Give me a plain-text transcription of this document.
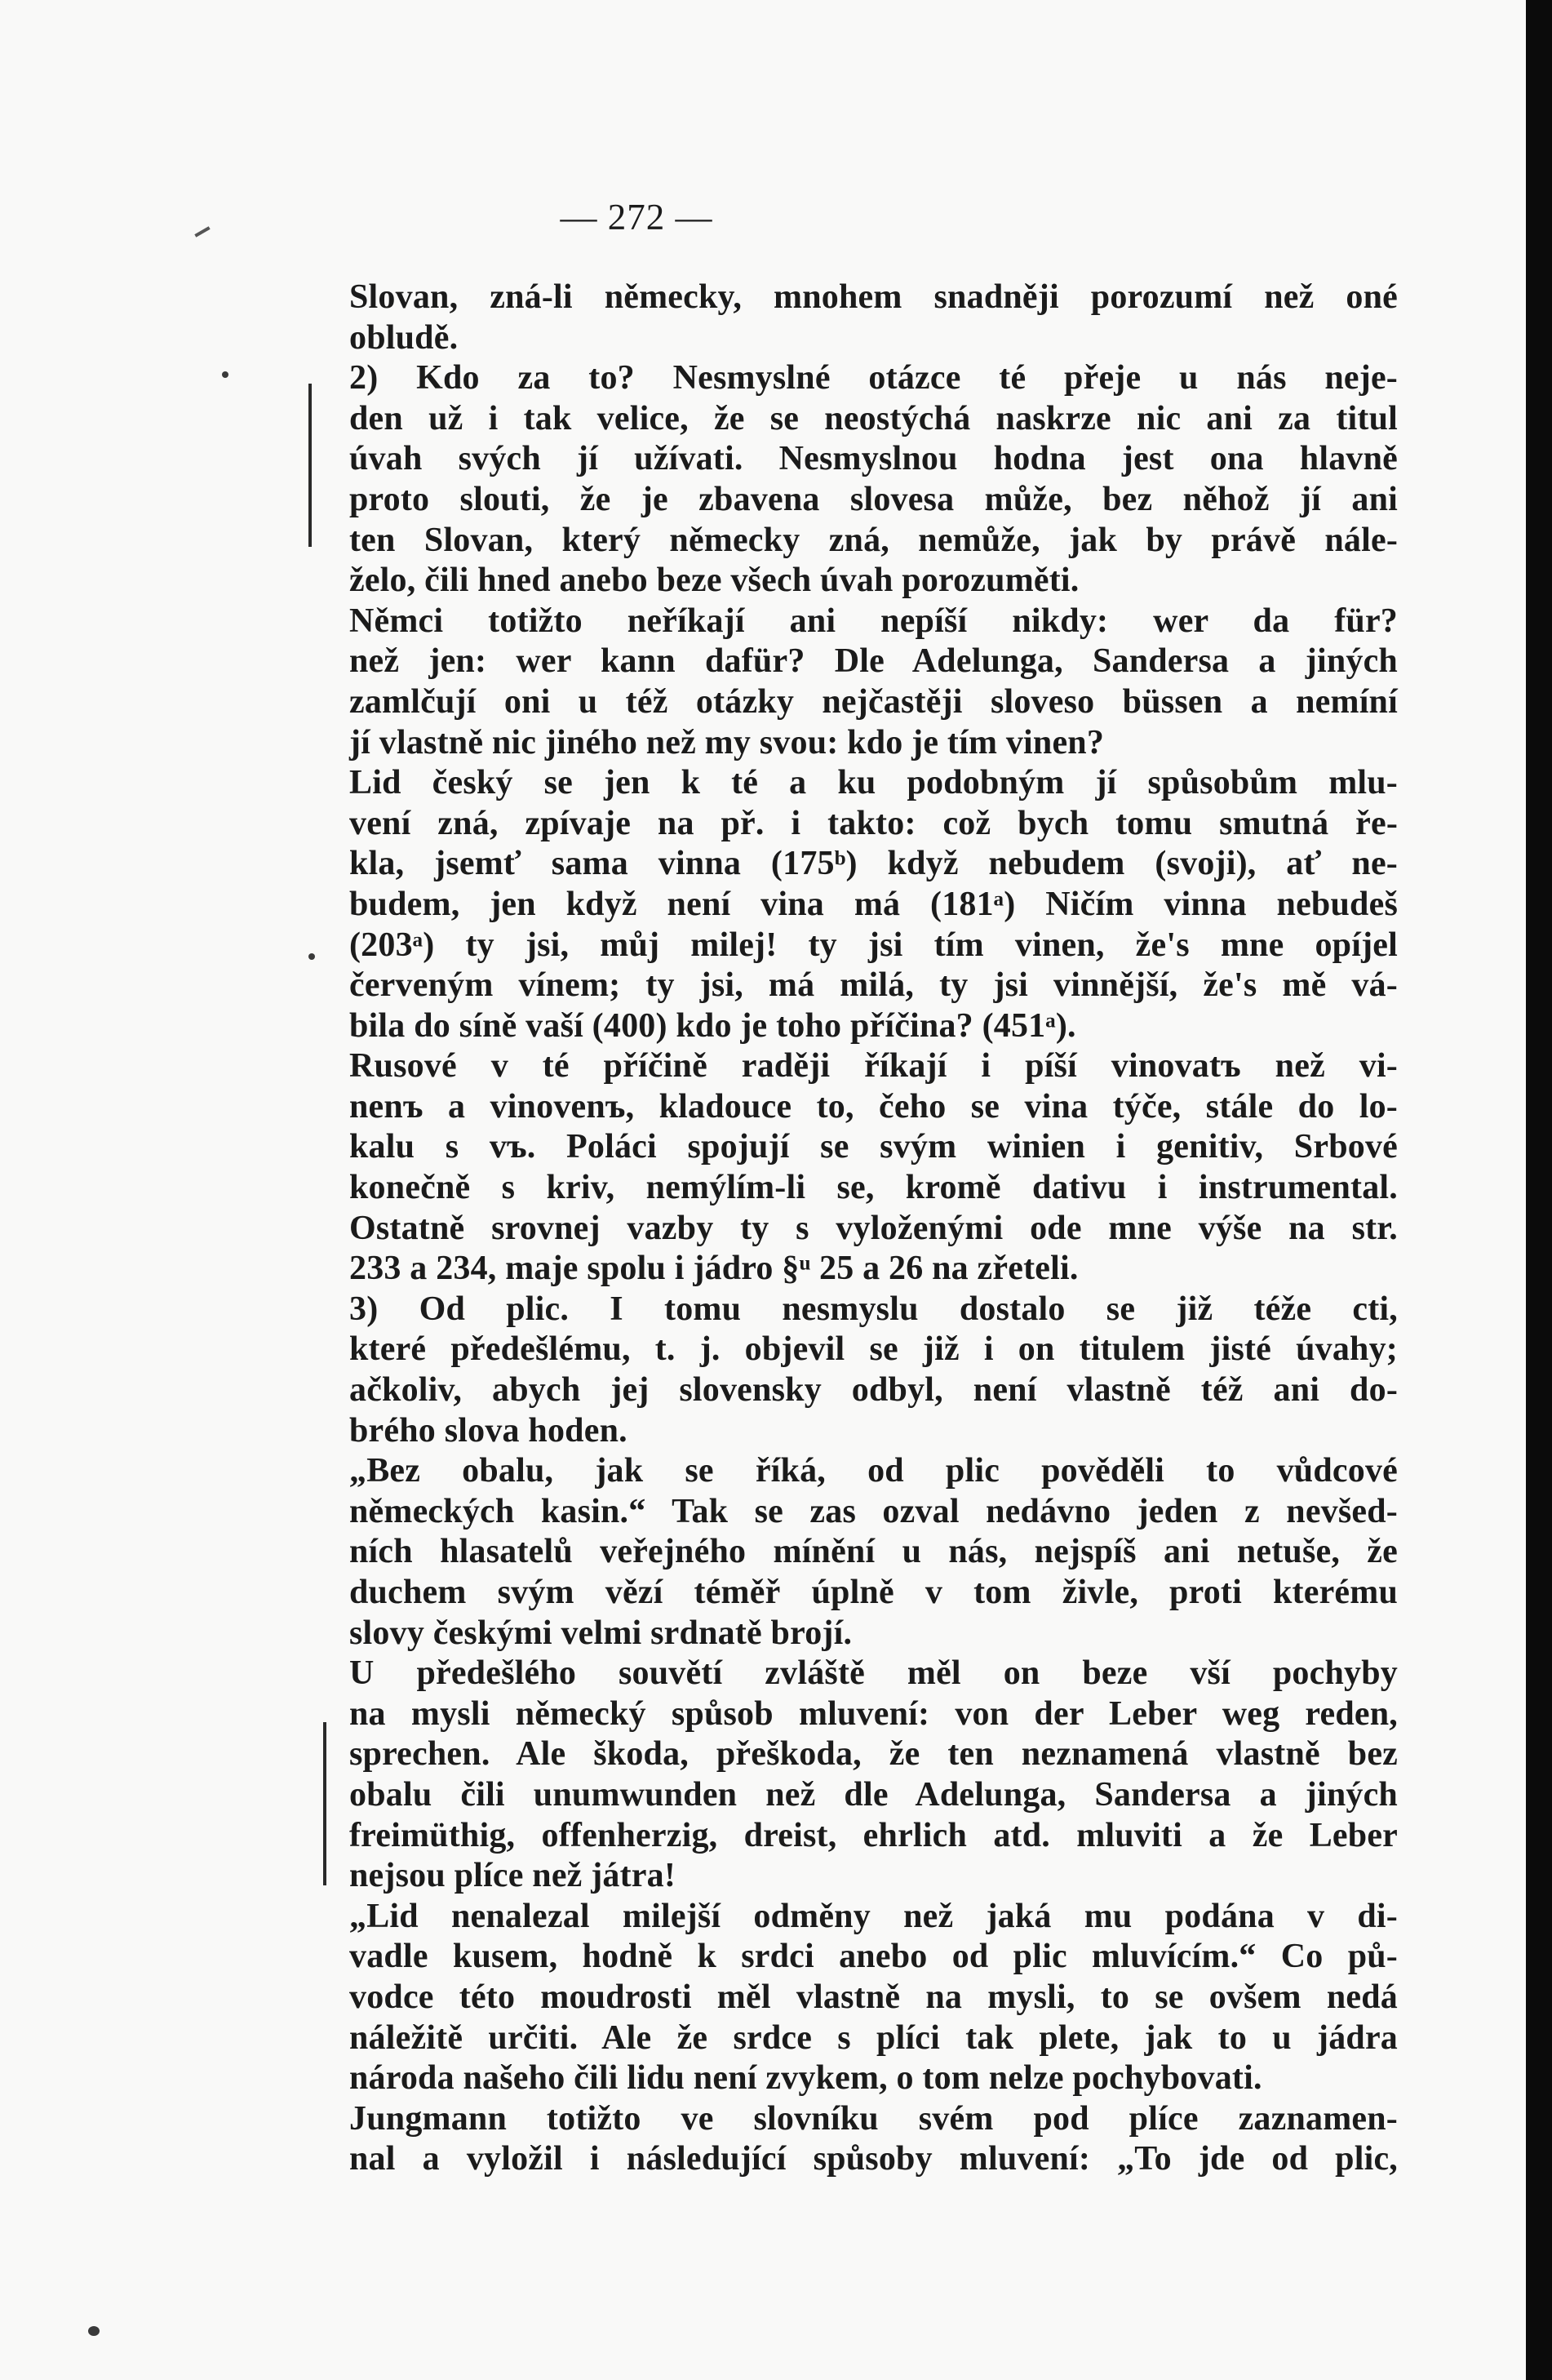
— 272 —
Slovan, zná-li německy, mnohem snadněji porozumí než oné
obludě.
2) Kdo za to? Nesmyslné otázce té přeje u nás neje-
den už i tak velice, že se neostýchá naskrze nic ani za titul
úvah svých jí užívati. Nesmyslnou hodna jest ona hlavně
proto slouti, že je zbavena slovesa může, bez něhož jí ani
ten Slovan, který německy zná, nemůže, jak by právě nále-
želo, čili hned anebo beze všech úvah porozuměti.
Němci totižto neříkají ani nepíší nikdy: wer da für?
než jen: wer kann dafür? Dle Adelunga, Sandersa a jiných
zamlčují oni u též otázky nejčastěji sloveso büssen a nemíní
jí vlastně nic jiného než my svou: kdo je tím vinen?
Lid český se jen k té a ku podobným jí spůsobům mlu-
vení zná, zpívaje na př. i takto: což bych tomu smutná ře-
kla, jsemť sama vinna (175ᵇ) když nebudem (svoji), ať ne-
budem, jen když není vina má (181ᵃ) Ničím vinna nebudeš
(203ᵃ) ty jsi, můj milej! ty jsi tím vinen, že's mne opíjel
červeným vínem; ty jsi, má milá, ty jsi vinnější, že's mě vá-
bila do síně vaší (400) kdo je toho příčina? (451ᵃ).
Rusové v té příčině raději říkají i píší vinovatъ než vi-
nenъ a vinovenъ, kladouce to, čeho se vina týče, stále do lo-
kalu s vъ. Poláci spojují se svým winien i genitiv, Srbové
konečně s kriv, nemýlím-li se, kromě dativu i instrumental.
Ostatně srovnej vazby ty s vyloženými ode mne výše na str.
233 a 234, maje spolu i jádro §ᵘ 25 a 26 na zřeteli.
3) Od plic. I tomu nesmyslu dostalo se již téže cti,
které předešlému, t. j. objevil se již i on titulem jisté úvahy;
ačkoliv, abych jej slovensky odbyl, není vlastně též ani do-
brého slova hoden.
„Bez obalu, jak se říká, od plic pověděli to vůdcové
německých kasin.“ Tak se zas ozval nedávno jeden z nevšed-
ních hlasatelů veřejného mínění u nás, nejspíš ani netuše, že
duchem svým vězí téměř úplně v tom živle, proti kterému
slovy českými velmi srdnatě brojí.
U předešlého souvětí zvláště měl on beze vší pochyby
na mysli německý spůsob mluvení: von der Leber weg reden,
sprechen. Ale škoda, přeškoda, že ten neznamená vlastně bez
obalu čili unumwunden než dle Adelunga, Sandersa a jiných
freimüthig, offenherzig, dreist, ehrlich atd. mluviti a že Leber
nejsou plíce než játra!
„Lid nenalezal milejší odměny než jaká mu podána v di-
vadle kusem, hodně k srdci anebo od plic mluvícím.“ Co pů-
vodce této moudrosti měl vlastně na mysli, to se ovšem nedá
náležitě určiti. Ale že srdce s plíci tak plete, jak to u jádra
národa našeho čili lidu není zvykem, o tom nelze pochybovati.
Jungmann totižto ve slovníku svém pod plíce zaznamen-
nal a vyložil i následující spůsoby mluvení: „To jde od plic,
